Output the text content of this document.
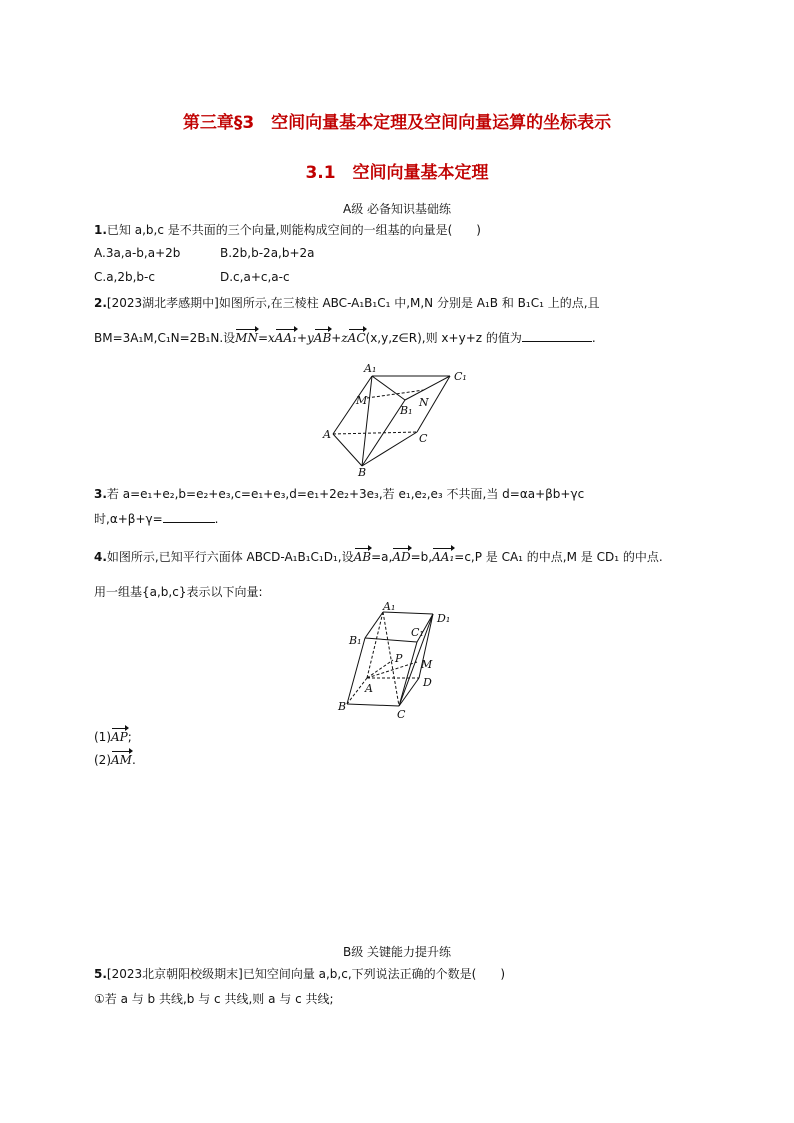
第三章§3　空间向量基本定理及空间向量运算的坐标表示
3.1　空间向量基本定理
A级 必备知识基础练
1.已知 a,b,c 是不共面的三个向量,则能构成空间的一组基的向量是(　　)
A.3a,a-b,a+2b	B.2b,b-2a,b+2a
C.a,2b,b-c	D.c,a+c,a-c
2.[2023湖北孝感期中]如图所示,在三棱柱 ABC-A₁B₁C₁ 中,M,N 分别是 A₁B 和 B₁C₁ 上的点,且
BM=3A₁M,C₁N=2B₁N.设MN=xAA₁+yAB+zAC(x,y,z∈R),则 x+y+z 的值为	.
A₁
C₁
M
B₁
N
A	C
B
3.若 a=e₁+e₂,b=e₂+e₃,c=e₁+e₃,d=e₁+2e₂+3e₃,若 e₁,e₂,e₃ 不共面,当 d=αa+βb+γc
时,α+β+γ=	.
4.如图所示,已知平行六面体 ABCD-A₁B₁C₁D₁,设AB=a,AD=b,AA₁=c,P 是 CA₁ 的中点,M 是 CD₁ 的中点.
用一组基{a,b,c}表示以下向量:
A₁
D₁
B₁
C₁
P M
A	D
B
C
(1)AP;
(2)AM.
B级 关键能力提升练
5.[2023北京朝阳校级期末]已知空间向量 a,b,c,下列说法正确的个数是(　　)
①若 a 与 b 共线,b 与 c 共线,则 a 与 c 共线;
